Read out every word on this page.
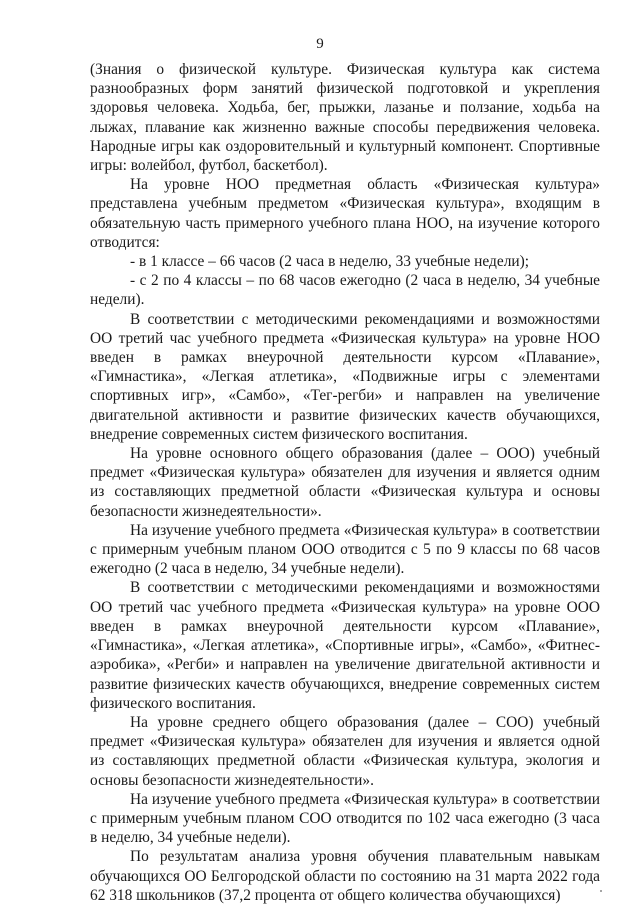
9

(Знания о физической культуре. Физическая культура как система разнообразных форм занятий физической подготовкой и укрепления здоровья человека. Ходьба, бег, прыжки, лазанье и ползание, ходьба на лыжах, плавание как жизненно важные способы передвижения человека. Народные игры как оздоровительный и культурный компонент. Спортивные игры: волейбол, футбол, баскетбол).

На уровне НОО предметная область «Физическая культура» представлена учебным предметом «Физическая культура», входящим в обязательную часть примерного учебного плана НОО, на изучение которого отводится:

- в 1 классе – 66 часов (2 часа в неделю, 33 учебные недели);

- с 2 по 4 классы – по 68 часов ежегодно (2 часа в неделю, 34 учебные недели).

В соответствии с методическими рекомендациями и возможностями ОО третий час учебного предмета «Физическая культура» на уровне НОО введен в рамках внеурочной деятельности курсом «Плавание», «Гимнастика», «Легкая атлетика», «Подвижные игры с элементами спортивных игр», «Самбо», «Тег-регби» и направлен на увеличение двигательной активности и развитие физических качеств обучающихся, внедрение современных систем физического воспитания.

На уровне основного общего образования (далее – ООО) учебный предмет «Физическая культура» обязателен для изучения и является одним из составляющих предметной области «Физическая культура и основы безопасности жизнедеятельности».

На изучение учебного предмета «Физическая культура» в соответствии с примерным учебным планом ООО отводится с 5 по 9 классы по 68 часов ежегодно (2 часа в неделю, 34 учебные недели).

В соответствии с методическими рекомендациями и возможностями ОО третий час учебного предмета «Физическая культура» на уровне ООО введен в рамках внеурочной деятельности курсом «Плавание», «Гимнастика», «Легкая атлетика», «Спортивные игры», «Самбо», «Фитнес-аэробика», «Регби» и направлен на увеличение двигательной активности и развитие физических качеств обучающихся, внедрение современных систем физического воспитания.

На уровне среднего общего образования (далее – СОО) учебный предмет «Физическая культура» обязателен для изучения и является одной из составляющих предметной области «Физическая культура, экология и основы безопасности жизнедеятельности».

На изучение учебного предмета «Физическая культура» в соответствии с примерным учебным планом СОО отводится по 102 часа ежегодно (3 часа в неделю, 34 учебные недели).

По результатам анализа уровня обучения плавательным навыкам обучающихся ОО Белгородской области по состоянию на 31 марта 2022 года 62 318 школьников (37,2 процента от общего количества обучающихся)
